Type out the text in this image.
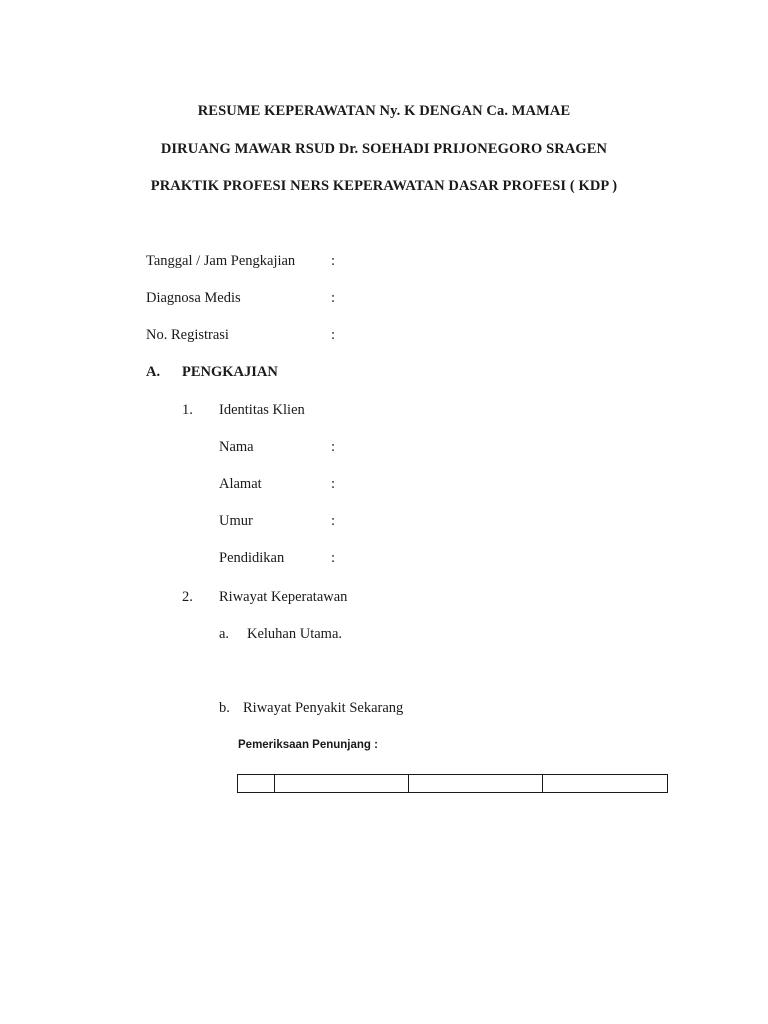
RESUME KEPERAWATAN Ny. K DENGAN Ca. MAMAE
DIRUANG MAWAR RSUD Dr. SOEHADI PRIJONEGORO SRAGEN
PRAKTIK PROFESI NERS KEPERAWATAN DASAR PROFESI ( KDP )
Tanggal / Jam Pengkajian :
Diagnosa Medis	:
No. Registrasi	:
A. PENGKAJIAN
1. Identitas Klien
Nama	:
Alamat	:
Umur	:
Pendidikan	:
2. Riwayat Keperatawan
a. Keluhan Utama.
b. Riwayat Penyakit Sekarang
Pemeriksaan Penunjang :
